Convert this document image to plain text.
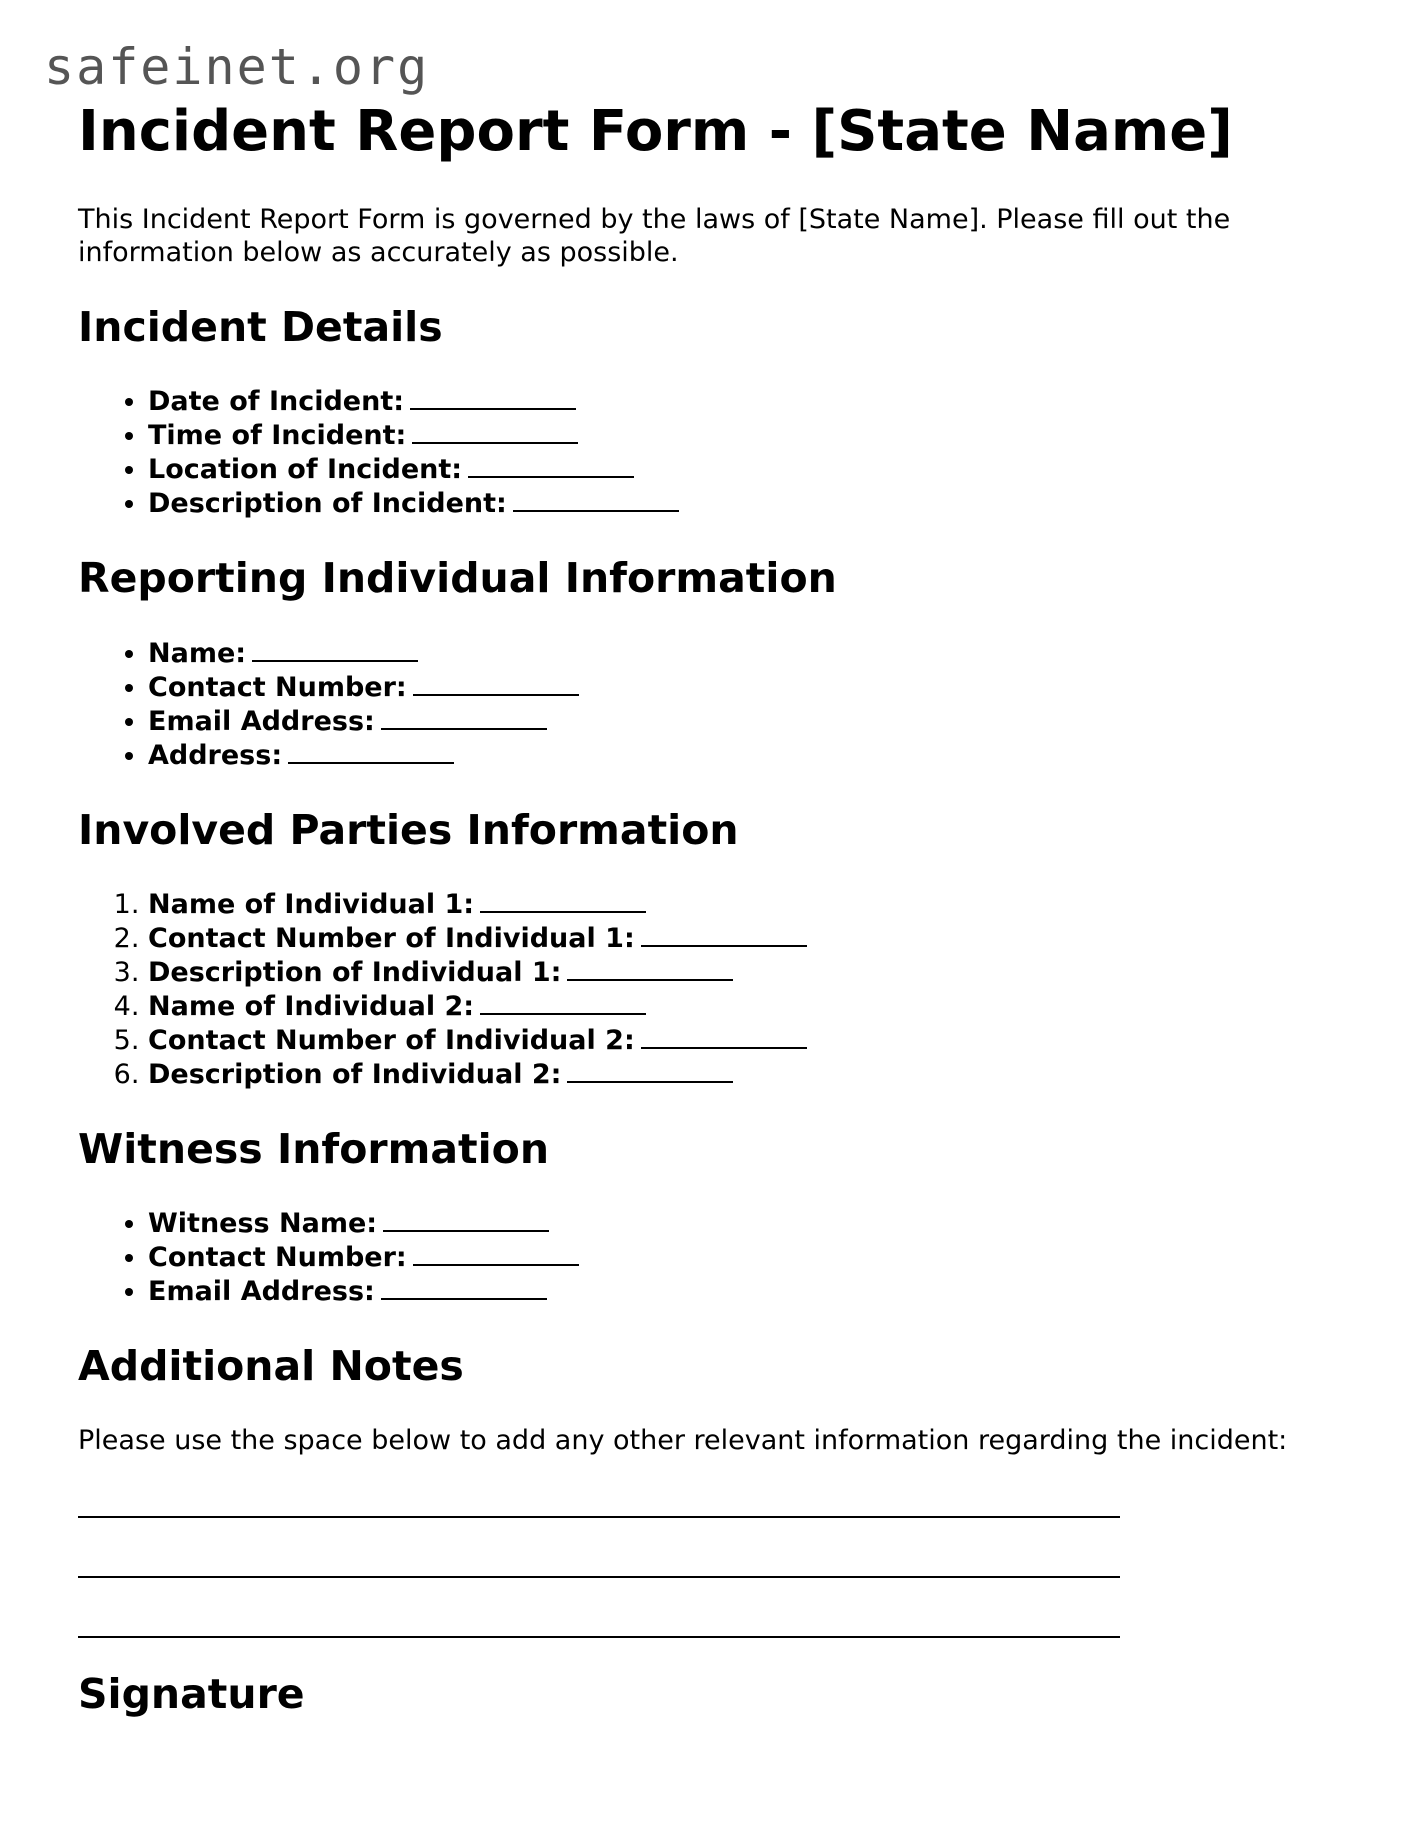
safeinet.org
Incident Report Form - [State Name]

This Incident Report Form is governed by the laws of [State Name]. Please fill out the information below as accurately as possible.

Incident Details
• Date of Incident:
• Time of Incident:
• Location of Incident:
• Description of Incident:
Reporting Individual Information
• Name:
• Contact Number:
• Email Address:
• Address:
Involved Parties Information
1. Name of Individual 1:
2. Contact Number of Individual 1:
3. Description of Individual 1:
4. Name of Individual 2:
5. Contact Number of Individual 2:
6. Description of Individual 2:
Witness Information
• Witness Name:
• Contact Number:
• Email Address:
Additional Notes

Please use the space below to add any other relevant information regarding the incident:

Signature
